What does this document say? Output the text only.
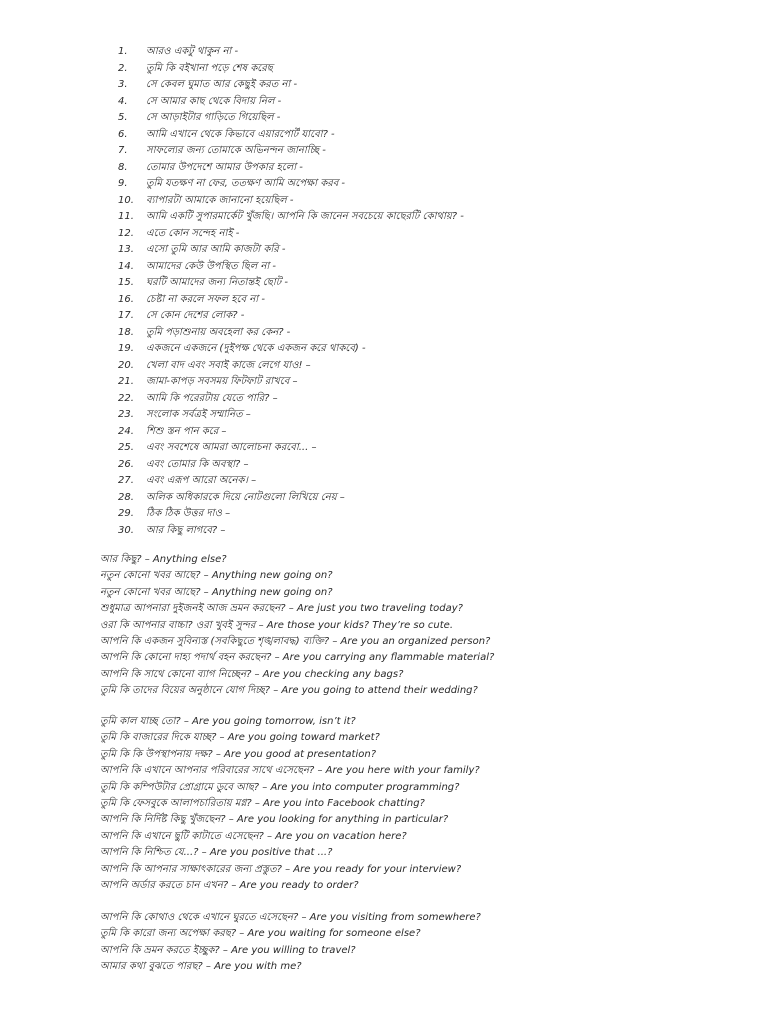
1.	আরও একটু থাকুন না -
2.	তুমি কি বইখানা পড়ে শেষ করেছ
3.	সে কেবল ঘুমাত আর কেছুই করত না -
4.	সে আমার কাছ থেকে বিদায় নিল -
5.	সে আড়াইটার গাড়িতে গিয়েছিল -
6.	আমি এখানে থেকে কিভাবে এয়ারপোর্ট যাবো? -
7.	সাফল্যের জন্য তোমাকে অভিনন্দন জানাচ্ছি -
8.	তোমার উপদেশে আমার উপকার হলো -
9.	তুমি যতক্ষণ না ফের, ততক্ষণ আমি অপেক্ষা করব -
10.	ব্যাপারটা আমাকে জানানো হয়েছিল -
11.	আমি একটি সুপারমার্কেট খুঁজছি। আপনি কি জানেন সবচেয়ে কাছেরটি কোথায়? -
12.	এতে কোন সন্দেহ নাই -
13.	এসো তুমি আর আমি কাজটা করি -
14.	আমাদের কেউ উপস্থিত ছিল না -
15.	ঘরটি আমাদের জন্য নিতান্তই ছোট -
16.	চেষ্টা না করলে সফল হবে না -
17.	সে কোন দেশের লোক? -
18.	তুমি পড়াশুনায় অবহেলা কর কেন? -
19.	একজনে একজনে (দুইপক্ষ থেকে একজন করে থাকবে) -
20.	খেলা বাদ এবং সবাই কাজে লেগে যাও! –
21.	জামা-কাপড় সবসময় ফিটফাট রাখবে –
22.	আমি কি পরেরটায় যেতে পারি? –
23.	সংলোক সর্বত্রই সম্মানিত –
24.	শিশু স্তন পান করে –
25.	এবং সবশেষে আমরা আলোচনা করবো... –
26.	এবং তোমার কি অবস্থা? –
27.	এবং এরূপ আরো অনেক। –
28.	অলিক অধিকারকে দিয়ে নোটগুলো লিখিয়ে নেয় –
29.	ঠিক ঠিক উত্তর দাও –
30.	আর কিছু লাগবে? –
আর কিছু? – Anything else?
নতুন কোনো খবর আছে? – Anything new going on?
নতুন কোনো খবর আছে? – Anything new going on?
শুধুমাত্র আপনারা দুইজনই আজ ভ্রমন করছেন? – Are just you two traveling today?
ওরা কি আপনার বাচ্চা? ওরা খুবই সুন্দর – Are those your kids? They’re so cute.
আপনি কি একজন সুবিন্যস্ত (সবকিছুতে শৃঙ্খলাবদ্ধ) ব্যক্তি? – Are you an organized person?
আপনি কি কোনো দাহ্য পদার্থ বহন করছেন? – Are you carrying any flammable material?
আপনি কি সাথে কোনো ব্যাগ নিচ্ছেন? – Are you checking any bags?
তুমি কি তাদের বিয়ের অনুষ্ঠানে যোগ দিচ্ছ? – Are you going to attend their wedding?
তুমি কাল যাচ্ছ তো? – Are you going tomorrow, isn’t it?
তুমি কি বাজারের দিকে যাচ্ছ? – Are you going toward market?
তুমি কি কি উপস্থাপনায় দক্ষ? – Are you good at presentation?
আপনি কি এখানে আপনার পরিবারের সাথে এসেছেন? – Are you here with your family?
তুমি কি কম্পিউটার প্রোগ্রামে ডুবে আছ? – Are you into computer programming?
তুমি কি ফেসবুকে আলাপচারিতায় মগ্ন? – Are you into Facebook chatting?
আপনি কি নির্দিষ্ট কিছু খুঁজছেন? – Are you looking for anything in particular?
আপনি কি এখানে ছুটি কাটাতে এসেছেন? – Are you on vacation here?
আপনি কি নিশ্চিত যে...? – Are you positive that ...?
আপনি কি আপনার সাক্ষাৎকারের জন্য প্রস্তুত? – Are you ready for your interview?
আপনি অর্ডার করতে চান এখন? – Are you ready to order?
আপনি কি কোথাও থেকে এখানে ঘুরতে এসেছেন? – Are you visiting from somewhere?
তুমি কি কারো জন্য অপেক্ষা করছ? – Are you waiting for someone else?
আপনি কি ভ্রমন করতে ইচ্ছুক? – Are you willing to travel?
আমার কথা বুঝতে পারছ? – Are you with me?
